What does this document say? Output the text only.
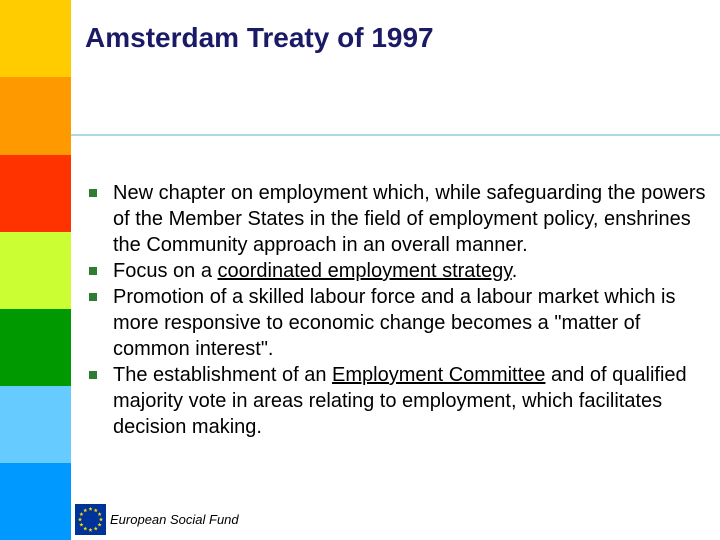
Amsterdam Treaty of 1997
New chapter on employment which, while safeguarding the powers of the Member States in the field of employment policy, enshrines the Community approach in an overall manner.
Focus on a coordinated employment strategy.
Promotion of a skilled labour force and a labour market which is more responsive to economic change becomes a "matter of common interest".
The establishment of an Employment Committee and of qualified majority vote in areas relating to employment, which facilitates decision making.
European Social Fund
